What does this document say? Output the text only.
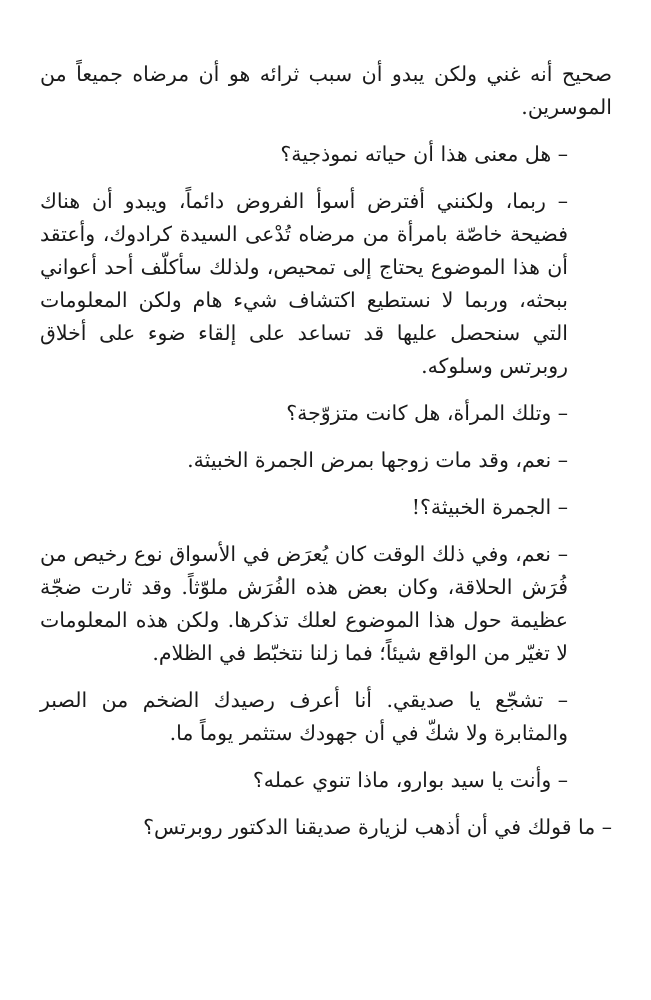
صحيح أنه غني ولكن يبدو أن سبب ثرائه هو أن مرضاه جميعاً من الموسرين.

– هل معنى هذا أن حياته نموذجية؟

– ربما، ولكنني أفترض أسوأ الفروض دائماً، ويبدو أن هناك فضيحة خاصّة بامرأة من مرضاه تُدْعى السيدة كرادوك، وأعتقد أن هذا الموضوع يحتاج إلى تمحيص، ولذلك سأكلّف أحد أعواني ببحثه، وربما لا نستطيع اكتشاف شيء هام ولكن المعلومات التي سنحصل عليها قد تساعد على إلقاء ضوء على أخلاق روبرتس وسلوكه.

– وتلك المرأة، هل كانت متزوّجة؟

– نعم، وقد مات زوجها بمرض الجمرة الخبيثة.

– الجمرة الخبيثة؟!

– نعم، وفي ذلك الوقت كان يُعرَض في الأسواق نوع رخيص من فُرَش الحلاقة، وكان بعض هذه الفُرَش ملوّثاً. وقد ثارت ضجّة عظيمة حول هذا الموضوع لعلك تذكرها. ولكن هذه المعلومات لا تغيّر من الواقع شيئاً؛ فما زلنا نتخبّط في الظلام.

– تشجّع يا صديقي. أنا أعرف رصيدك الضخم من الصبر والمثابرة ولا شكّ في أن جهودك ستثمر يوماً ما.

– وأنت يا سيد بوارو، ماذا تنوي عمله؟

– ما قولك في أن أذهب لزيارة صديقنا الدكتور روبرتس؟
